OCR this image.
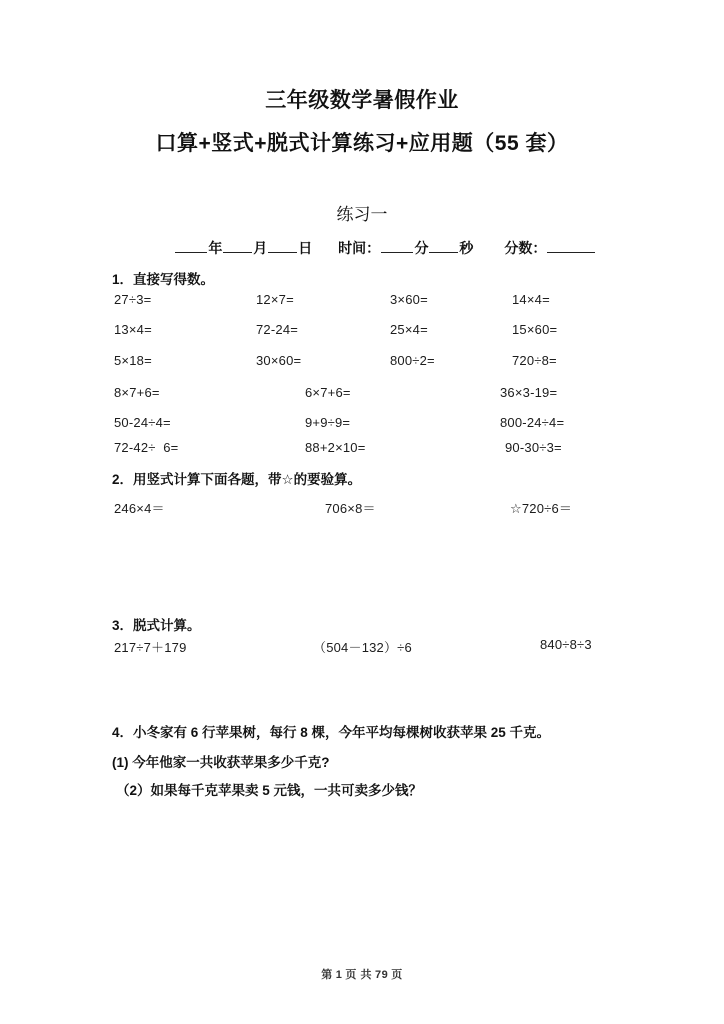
三年级数学暑假作业
口算+竖式+脱式计算练习+应用题（55 套）
练习一
年 月 日 时间： 分 秒 分数：
1．直接写得数。
27÷3=	12×7=	3×60=	14×4=
13×4=	72-24=	25×4=	15×60=
5×18=	30×60=	800÷2=	720÷8=
8×7+6=	6×7+6=	36×3-19=
50-24÷4=	9+9÷9=	800-24÷4=
72-42÷  6=	88+2×10=	90-30÷3=
2．用竖式计算下面各题，带☆的要验算。
246×4＝	706×8＝	☆720÷6＝
3．脱式计算。
217÷7＋179	（504－132）÷6	840÷8÷3
4．小冬家有 6 行苹果树，每行 8 棵，今年平均每棵树收获苹果 25 千克。
(1) 今年他家一共收获苹果多少千克?
（2）如果每千克苹果卖 5 元钱，一共可卖多少钱？
第 1 页 共 79 页
